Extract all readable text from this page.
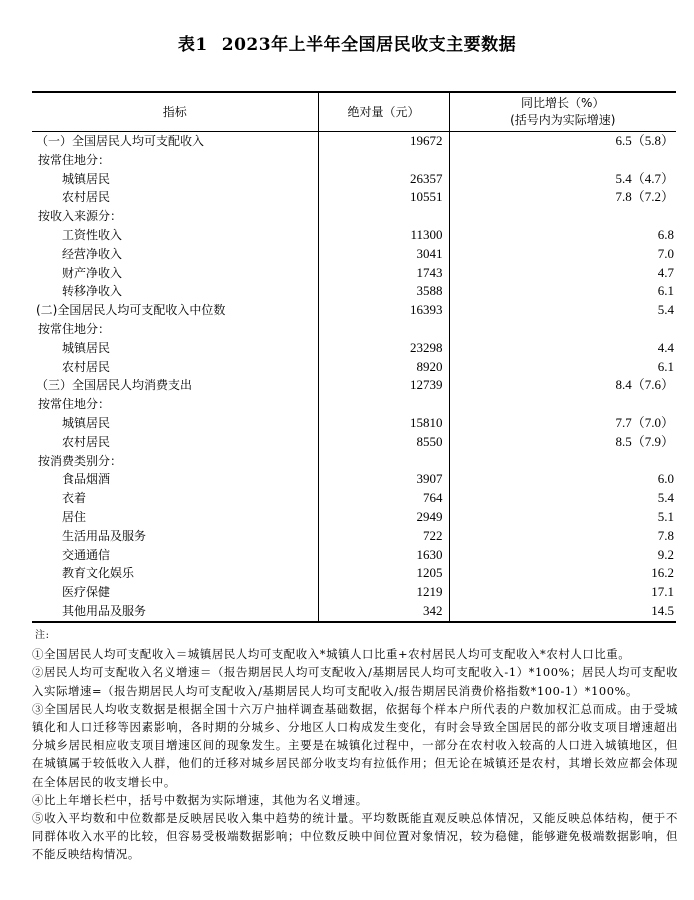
表1 2023年上半年全国居民收支主要数据
指标	绝对量（元）	同比增长（%）
(括号内为实际增速)

（一）全国居民人均可支配收入	19672	6.5（5.8）
按常住地分：		
城镇居民	26357	5.4（4.7）
农村居民	10551	7.8（7.2）
按收入来源分：		
工资性收入	11300	6.8
经营净收入	3041	7.0
财产净收入	1743	4.7
转移净收入	3588	6.1
(二)全国居民人均可支配收入中位数	16393	5.4
按常住地分：		
城镇居民	23298	4.4
农村居民	8920	6.1
（三）全国居民人均消费支出	12739	8.4（7.6）
按常住地分：		
城镇居民	15810	7.7（7.0）
农村居民	8550	8.5（7.9）
按消费类别分：		
食品烟酒	3907	6.0
衣着	764	5.4
居住	2949	5.1
生活用品及服务	722	7.8
交通通信	1630	9.2
教育文化娱乐	1205	16.2
医疗保健	1219	17.1
其他用品及服务	342	14.5
注:

①全国居民人均可支配收入＝城镇居民人均可支配收入*城镇人口比重+农村居民人均可支配收入*农村人口比重。

②居民人均可支配收入名义增速＝（报告期居民人均可支配收入/基期居民人均可支配收入-1）*100%；居民人均可支配收入实际增速=（报告期居民人均可支配收入/基期居民人均可支配收入/报告期居民消费价格指数*100-1）*100%。

③全国居民人均收支数据是根据全国十六万户抽样调查基础数据，依据每个样本户所代表的户数加权汇总而成。由于受城镇化和人口迁移等因素影响，各时期的分城乡、分地区人口构成发生变化，有时会导致全国居民的部分收支项目增速超出分城乡居民相应收支项目增速区间的现象发生。主要是在城镇化过程中，一部分在农村收入较高的人口进入城镇地区，但在城镇属于较低收入人群，他们的迁移对城乡居民部分收支均有拉低作用；但无论在城镇还是农村，其增长效应都会体现在全体居民的收支增长中。

④比上年增长栏中，括号中数据为实际增速，其他为名义增速。

⑤收入平均数和中位数都是反映居民收入集中趋势的统计量。平均数既能直观反映总体情况，又能反映总体结构，便于不同群体收入水平的比较，但容易受极端数据影响；中位数反映中间位置对象情况，较为稳健，能够避免极端数据影响，但不能反映结构情况。
